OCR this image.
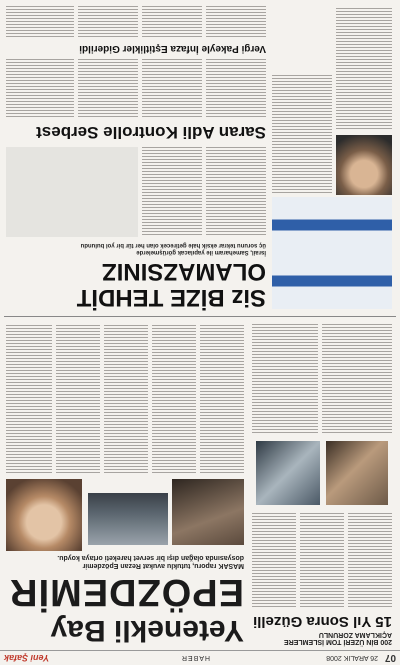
07
26 ARALIK 2008
HABER
Yeni Şafak
200 BİN ÜZERİ TOM İSLEMLERE
AÇIKLAMA ZORUNLU
15 Yıl Sonra Güzelli
Yetenekli Bay
EPÖZDEMİR
MASAK raporu, tutuklu avukat Rezan Epözdemir
dosyasında olağan dışı bir servet hareketi ortaya koydu.
Siz BİZE TEHDİT
OLAMAZSINIZ
İsrail, Sameharam ile yapılacak görüşmelerde
üç sorunu tekrar eksik hale getirecek olan her tür bir yol bulundu
Saran Adli Kontrolle Serbest
Vergi Pakeyle İnfaza Eştitlikler Giderildi
